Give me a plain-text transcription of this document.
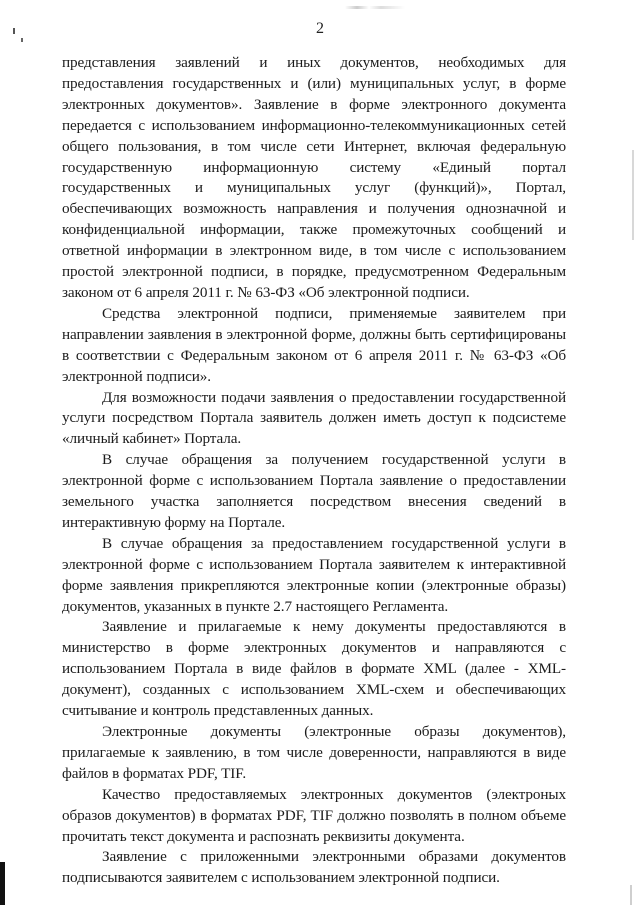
2

представления заявлений и иных документов, необходимых для предоставления государственных и (или) муниципальных услуг, в форме электронных документов». Заявление в форме электронного документа передается с использованием информационно-телекоммуникационных сетей общего пользования, в том числе сети Интернет, включая федеральную государственную информационную систему «Единый портал государственных и муниципальных услуг (функций)», Портал, обеспечивающих возможность направления и получения однозначной и конфиденциальной информации, также промежуточных сообщений и ответной информации в электронном виде, в том числе с использованием простой электронной подписи, в порядке, предусмотренном Федеральным законом от 6 апреля 2011 г. № 63-ФЗ «Об электронной подписи.

Средства электронной подписи, применяемые заявителем при направлении заявления в электронной форме, должны быть сертифицированы в соответствии с Федеральным законом от 6 апреля 2011 г. № 63-ФЗ «Об электронной подписи».

Для возможности подачи заявления о предоставлении государственной услуги посредством Портала заявитель должен иметь доступ к подсистеме «личный кабинет» Портала.

В случае обращения за получением государственной услуги в электронной форме с использованием Портала заявление о предоставлении земельного участка заполняется посредством внесения сведений в интерактивную форму на Портале.

В случае обращения за предоставлением государственной услуги в электронной форме с использованием Портала заявителем к интерактивной форме заявления прикрепляются электронные копии (электронные образы) документов, указанных в пункте 2.7 настоящего Регламента.

Заявление и прилагаемые к нему документы предоставляются в министерство в форме электронных документов и направляются с использованием Портала в виде файлов в формате XML (далее - XML-документ), созданных с использованием XML-схем и обеспечивающих считывание и контроль представленных данных.

Электронные документы (электронные образы документов), прилагаемые к заявлению, в том числе доверенности, направляются в виде файлов в форматах PDF, TIF.

Качество предоставляемых электронных документов (электроных образов документов) в форматах PDF, TIF должно позволять в полном объеме прочитать текст документа и распознать реквизиты документа.

Заявление с приложенными электронными образами документов подписываются заявителем с использованием электронной подписи.
